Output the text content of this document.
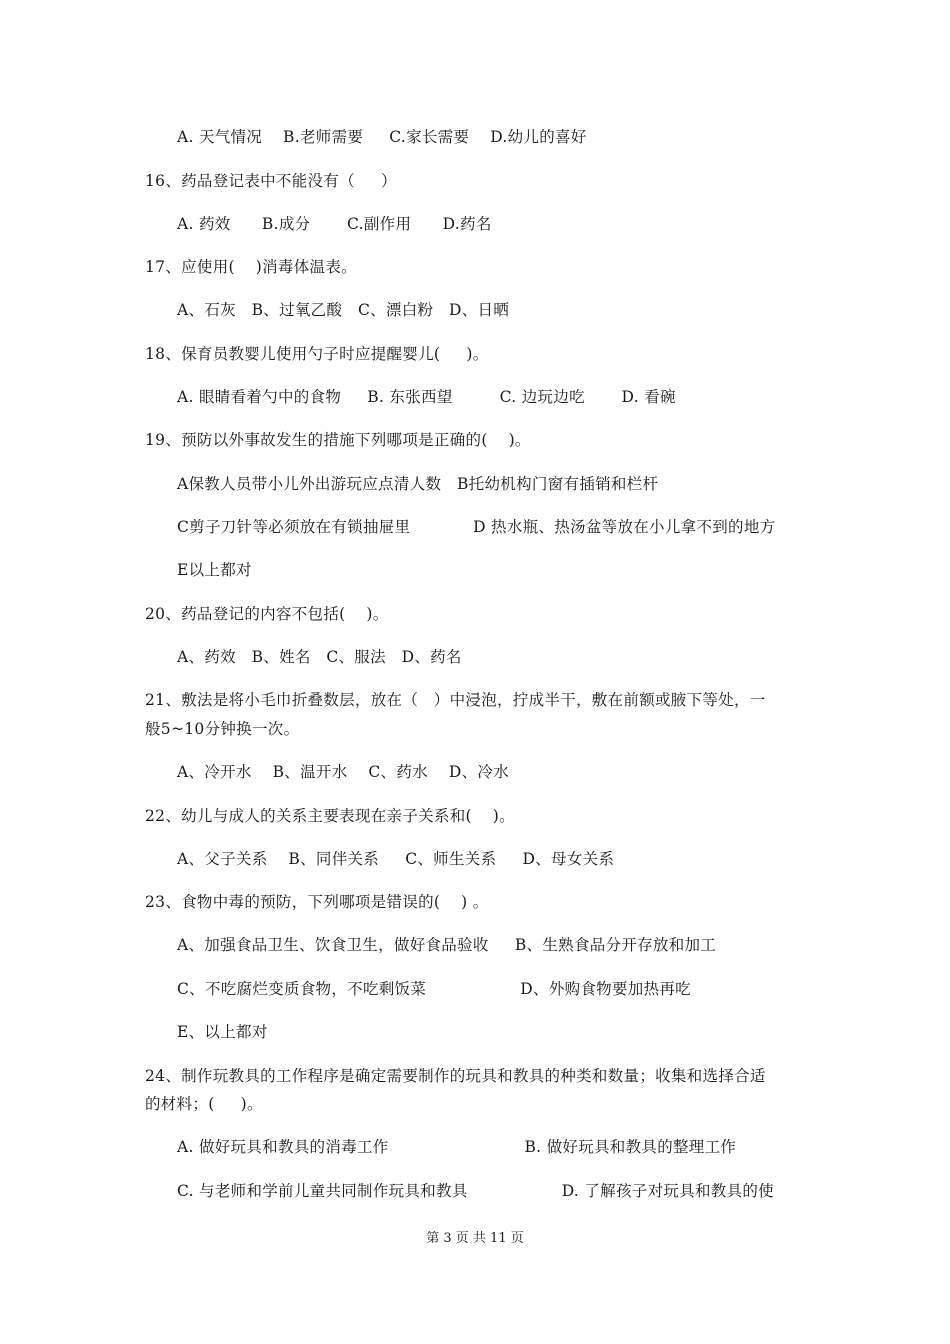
A. 天气情况    B.老师需要     C.家长需要    D.幼儿的喜好
16、药品登记表中不能没有（     ）
A. 药效      B.成分       C.副作用      D.药名
17、应使用(    )消毒体温表。
A、石灰   B、过氧乙酸   C、漂白粉   D、日晒
18、保育员教婴儿使用勺子时应提醒婴儿(     )。
A. 眼睛看着勺中的食物     B. 东张西望         C. 边玩边吃       D. 看碗
19、预防以外事故发生的措施下列哪项是正确的(    )。
A保教人员带小儿外出游玩应点清人数   B托幼机构门窗有插销和栏杆
C剪子刀针等必须放在有锁抽屉里            D 热水瓶、热汤盆等放在小儿拿不到的地方
E以上都对
20、药品登记的内容不包括(    )。
A、药效   B、姓名   C、服法   D、药名
21、敷法是将小毛巾折叠数层，放在（   ）中浸泡，拧成半干，敷在前额或腋下等处，一
般5~10分钟换一次。
A、冷开水    B、温开水    C、药水    D、冷水
22、幼儿与成人的关系主要表现在亲子关系和(    )。
A、父子关系    B、同伴关系     C、师生关系     D、母女关系
23、食物中毒的预防，下列哪项是错误的(    ) 。
A、加强食品卫生、饮食卫生，做好食品验收     B、生熟食品分开存放和加工
C、不吃腐烂变质食物，不吃剩饭菜                  D、外购食物要加热再吃
E、以上都对
24、制作玩教具的工作程序是确定需要制作的玩具和教具的种类和数量；收集和选择合适
的材料；(     )。
A. 做好玩具和教具的消毒工作                          B. 做好玩具和教具的整理工作
C. 与老师和学前儿童共同制作玩具和教具                  D. 了解孩子对玩具和教具的使
第 3 页 共 11 页
